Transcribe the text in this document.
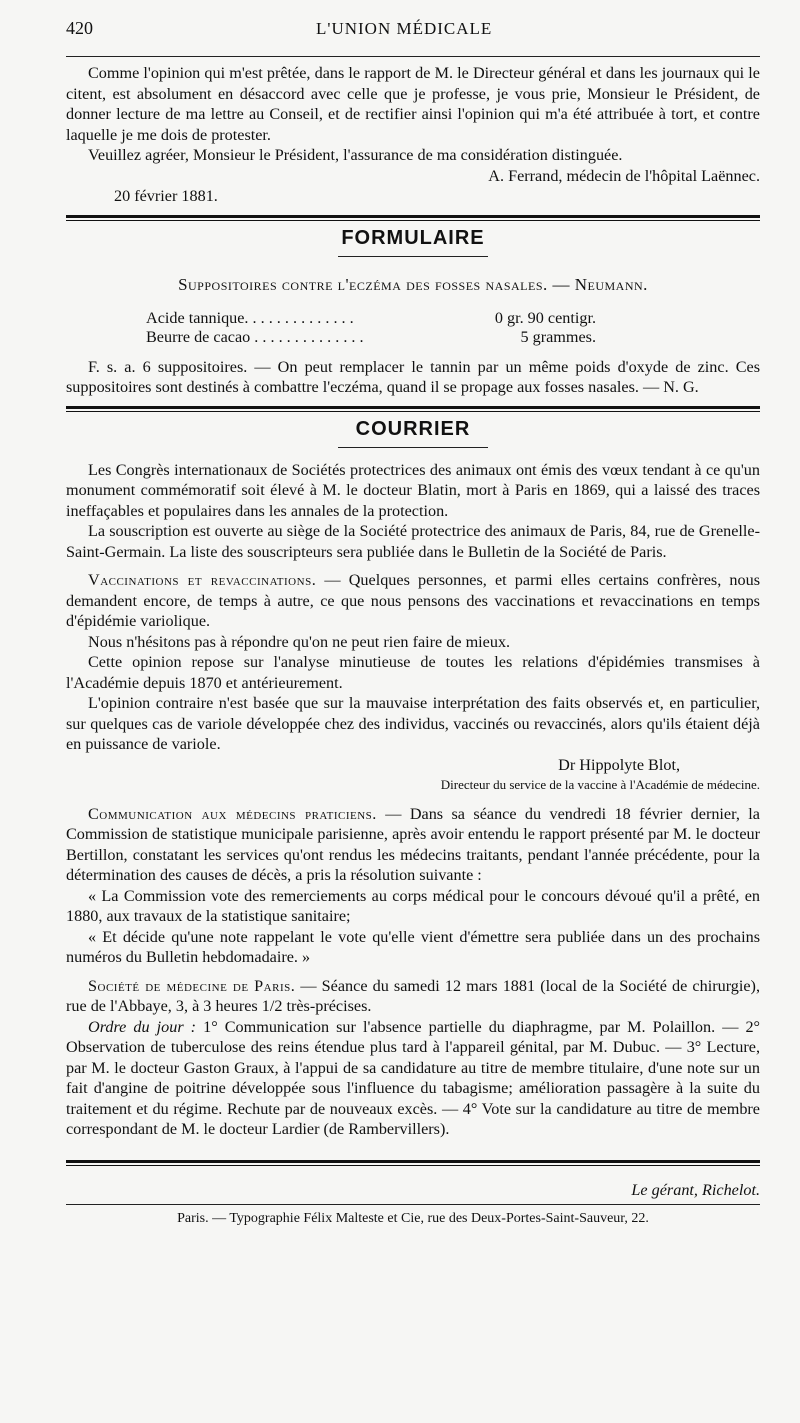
420	L'UNION MÉDICALE

Comme l'opinion qui m'est prêtée, dans le rapport de M. le Directeur général et dans les journaux qui le citent, est absolument en désaccord avec celle que je professe, je vous prie, Monsieur le Président, de donner lecture de ma lettre au Conseil, et de rectifier ainsi l'opinion qui m'a été attribuée à tort, et contre laquelle je me dois de protester.

Veuillez agréer, Monsieur le Président, l'assurance de ma considération distinguée.

A. Ferrand, médecin de l'hôpital Laënnec.

20 février 1881.

FORMULAIRE
Suppositoires contre l'eczéma des fosses nasales. — Neumann.
Acide tannique. . . . . . . . . . . . . .	0 gr. 90 centigr.
Beurre de cacao . . . . . . . . . . . . . .	5 grammes.

F. s. a. 6 suppositoires. — On peut remplacer le tannin par un même poids d'oxyde de zinc. Ces suppositoires sont destinés à combattre l'eczéma, quand il se propage aux fosses nasales. — N. G.

COURRIER

Les Congrès internationaux de Sociétés protectrices des animaux ont émis des vœux tendant à ce qu'un monument commémoratif soit élevé à M. le docteur Blatin, mort à Paris en 1869, qui a laissé des traces ineffaçables et populaires dans les annales de la protection.

La souscription est ouverte au siège de la Société protectrice des animaux de Paris, 84, rue de Grenelle-Saint-Germain. La liste des souscripteurs sera publiée dans le Bulletin de la Société de Paris.

Vaccinations et revaccinations. — Quelques personnes, et parmi elles certains confrères, nous demandent encore, de temps à autre, ce que nous pensons des vaccinations et revaccinations en temps d'épidémie variolique.

Nous n'hésitons pas à répondre qu'on ne peut rien faire de mieux.

Cette opinion repose sur l'analyse minutieuse de toutes les relations d'épidémies transmises à l'Académie depuis 1870 et antérieurement.

L'opinion contraire n'est basée que sur la mauvaise interprétation des faits observés et, en particulier, sur quelques cas de variole développée chez des individus, vaccinés ou revaccinés, alors qu'ils étaient déjà en puissance de variole.

Dr Hippolyte Blot,
Directeur du service de la vaccine à l'Académie de médecine.

Communication aux médecins praticiens. — Dans sa séance du vendredi 18 février dernier, la Commission de statistique municipale parisienne, après avoir entendu le rapport présenté par M. le docteur Bertillon, constatant les services qu'ont rendus les médecins traitants, pendant l'année précédente, pour la détermination des causes de décès, a pris la résolution suivante :

« La Commission vote des remerciements au corps médical pour le concours dévoué qu'il a prêté, en 1880, aux travaux de la statistique sanitaire;

« Et décide qu'une note rappelant le vote qu'elle vient d'émettre sera publiée dans un des prochains numéros du Bulletin hebdomadaire. »

Société de médecine de Paris. — Séance du samedi 12 mars 1881 (local de la Société de chirurgie), rue de l'Abbaye, 3, à 3 heures 1/2 très-précises.

Ordre du jour : 1° Communication sur l'absence partielle du diaphragme, par M. Polaillon. — 2° Observation de tuberculose des reins étendue plus tard à l'appareil génital, par M. Dubuc. — 3° Lecture, par M. le docteur Gaston Graux, à l'appui de sa candidature au titre de membre titulaire, d'une note sur un fait d'angine de poitrine développée sous l'influence du tabagisme; amélioration passagère à la suite du traitement et du régime. Rechute par de nouveaux excès. — 4° Vote sur la candidature au titre de membre correspondant de M. le docteur Lardier (de Rambervillers).

Le gérant, Richelot.
Paris. — Typographie Félix Malteste et Cie, rue des Deux-Portes-Saint-Sauveur, 22.
